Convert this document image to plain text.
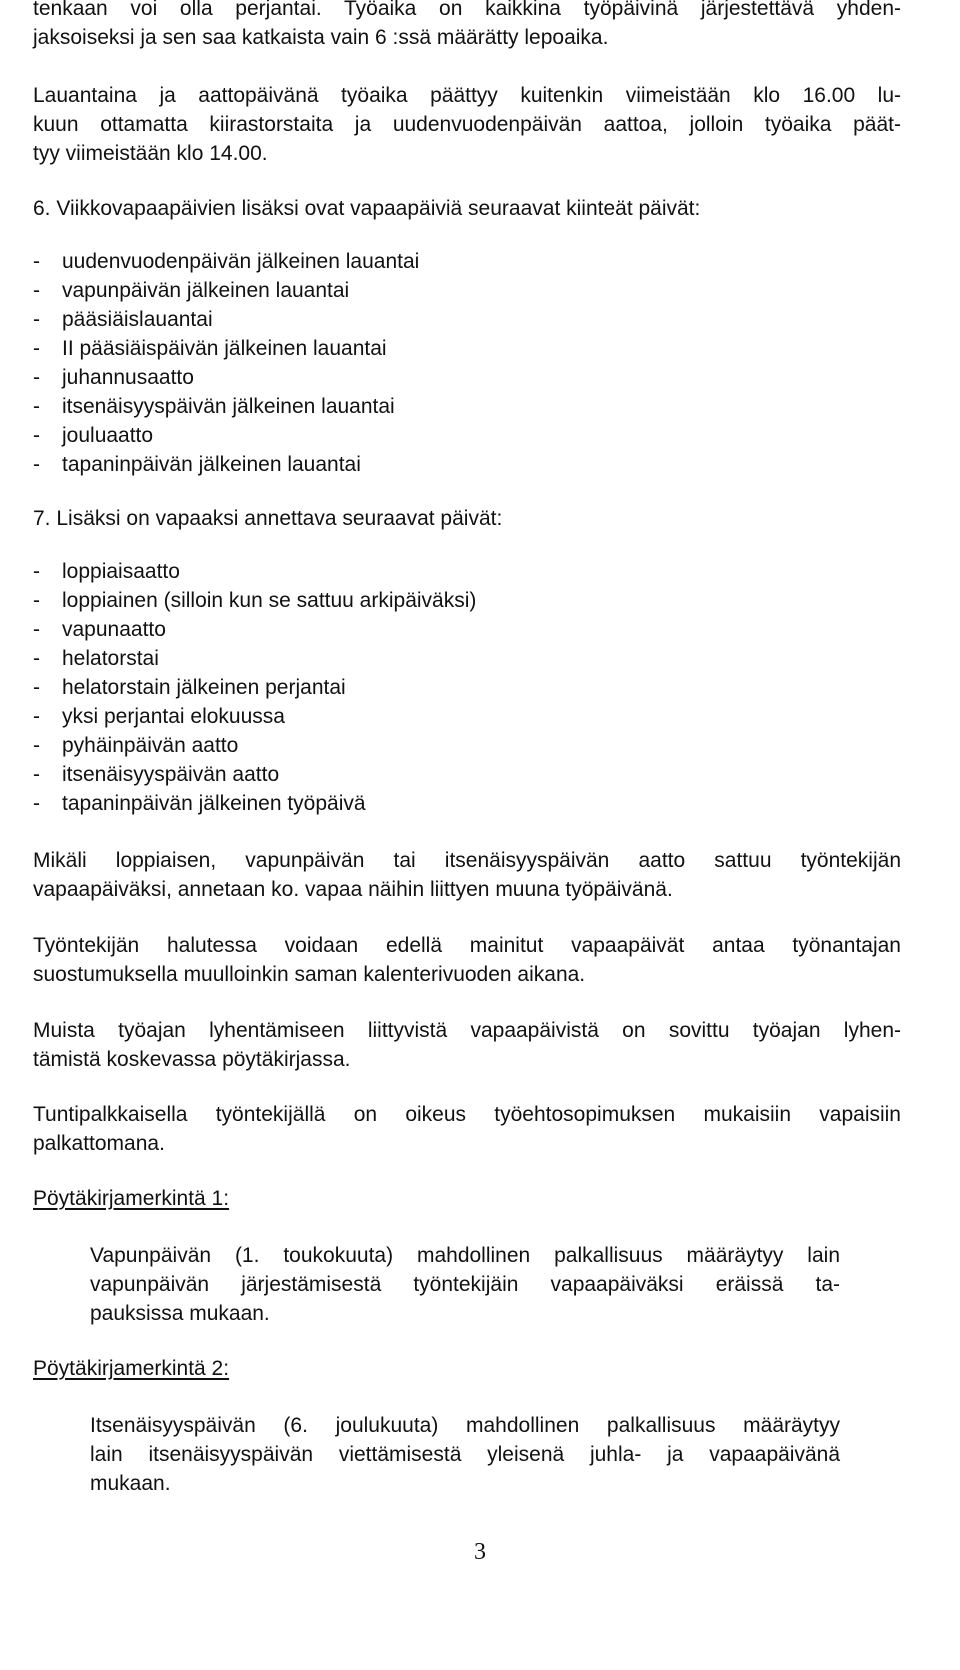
tenkaan voi olla perjantai. Työaika on kaikkina työpäivinä järjestettävä yhden-
jaksoiseksi ja sen saa katkaista vain 6 :ssä määrätty lepoaika.
Lauantaina ja aattopäivänä työaika päättyy kuitenkin viimeistään klo 16.00 lu-
kuun ottamatta kiirastorstaita ja uudenvuodenpäivän aattoa, jolloin työaika päät-
tyy viimeistään klo 14.00.
6. Viikkovapaapäivien lisäksi ovat vapaapäiviä seuraavat kiinteät päivät:
-	uudenvuodenpäivän jälkeinen lauantai
-	vapunpäivän jälkeinen lauantai
-	pääsiäislauantai
-	II pääsiäispäivän jälkeinen lauantai
-	juhannusaatto
-	itsenäisyyspäivän jälkeinen lauantai
-	jouluaatto
-	tapaninpäivän jälkeinen lauantai
7. Lisäksi on vapaaksi annettava seuraavat päivät:
-	loppiaisaatto
-	loppiainen (silloin kun se sattuu arkipäiväksi)
-	vapunaatto
-	helatorstai
-	helatorstain jälkeinen perjantai
-	yksi perjantai elokuussa
-	pyhäinpäivän aatto
-	itsenäisyyspäivän aatto
-	tapaninpäivän jälkeinen työpäivä
Mikäli loppiaisen, vapunpäivän tai itsenäisyyspäivän aatto sattuu työntekijän
vapaapäiväksi, annetaan ko. vapaa näihin liittyen muuna työpäivänä.
Työntekijän halutessa voidaan edellä mainitut vapaapäivät antaa työnantajan
suostumuksella muulloinkin saman kalenterivuoden aikana.
Muista työajan lyhentämiseen liittyvistä vapaapäivistä on sovittu työajan lyhen-
tämistä koskevassa pöytäkirjassa.
Tuntipalkkaisella työntekijällä on oikeus työehtosopimuksen mukaisiin vapaisiin
palkattomana.

Pöytäkirjamerkintä 1:

Vapunpäivän (1. toukokuuta) mahdollinen palkallisuus määräytyy lain
vapunpäivän järjestämisestä työntekijäin vapaapäiväksi eräissä ta-
pauksissa mukaan.

Pöytäkirjamerkintä 2:

Itsenäisyyspäivän (6. joulukuuta) mahdollinen palkallisuus määräytyy
lain itsenäisyyspäivän viettämisestä yleisenä juhla- ja vapaapäivänä
mukaan.
3
